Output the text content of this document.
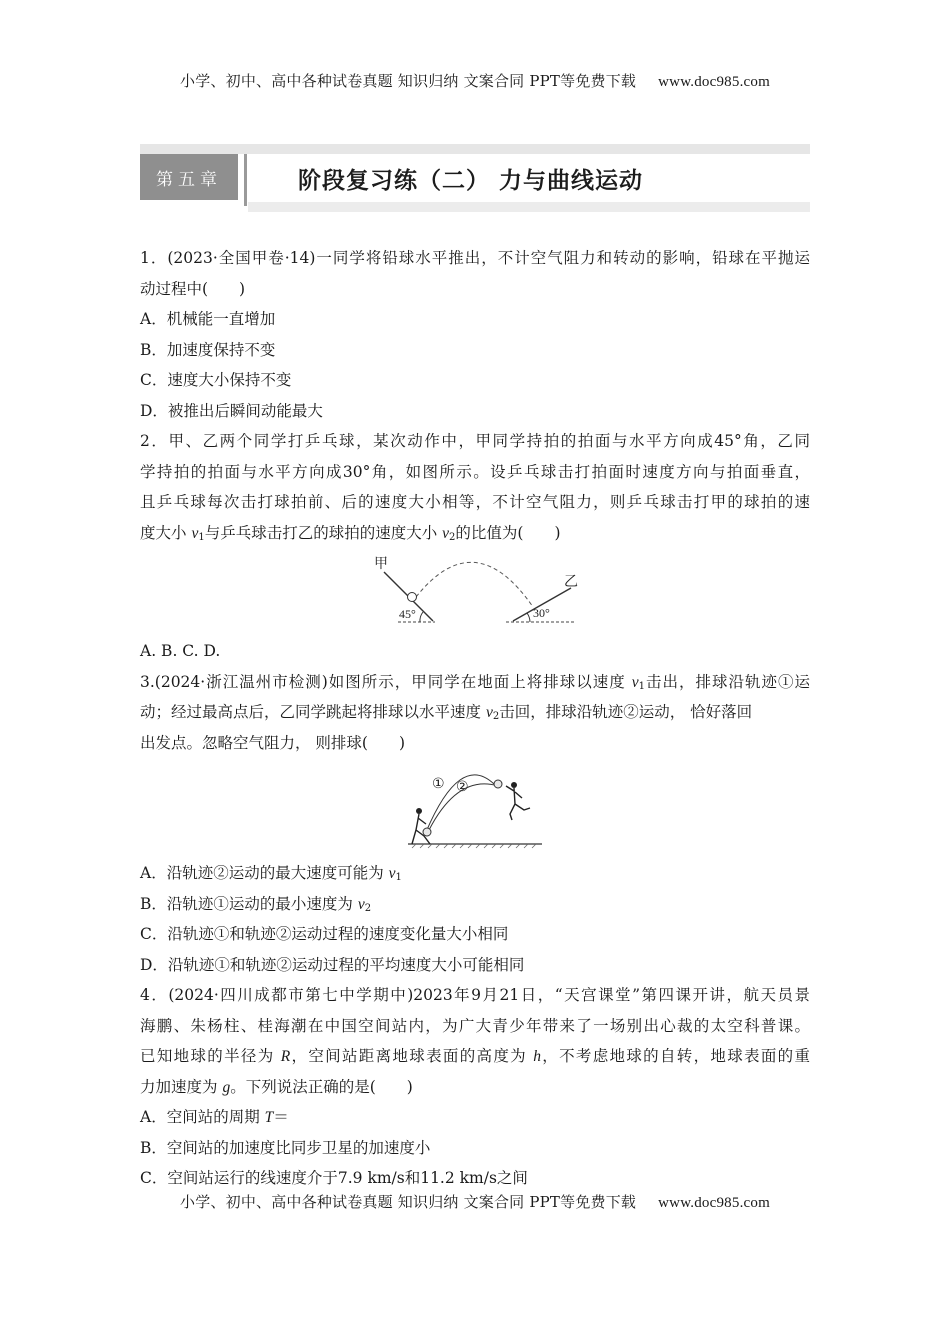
小学、初中、高中各种试卷真题 知识归纳 文案合同 PPT等免费下载 www.doc985.com
第五章	阶段复习练（二） 力与曲线运动
1．(2023·全国甲卷·14)一同学将铅球水平推出，不计空气阻力和转动的影响，铅球在平抛运
动过程中(　　)
A．机械能一直增加
B．加速度保持不变
C．速度大小保持不变
D．被推出后瞬间动能最大
2．甲、乙两个同学打乒乓球，某次动作中，甲同学持拍的拍面与水平方向成45°角，乙同
学持拍的拍面与水平方向成30°角，如图所示。设乒乓球击打拍面时速度方向与拍面垂直，
且乒乓球每次击打球拍前、后的速度大小相等，不计空气阻力，则乒乓球击打甲的球拍的速
度大小 $v_1$与乒乓球击打乙的球拍的速度大小 $v_2$的比值为(　　)
甲
乙
45°	30°
A. B. C. D.
3.(2024·浙江温州市检测)如图所示，甲同学在地面上将排球以速度 $v_1$击出，排球沿轨迹①运
动；经过最高点后，乙同学跳起将排球以水平速度 $v_2$击回，排球沿轨迹②运动， 恰好落回
出发点。忽略空气阻力， 则排球(　　)
① ②
A．沿轨迹②运动的最大速度可能为 $v_1$
B．沿轨迹①运动的最小速度为 $v_2$
C．沿轨迹①和轨迹②运动过程的速度变化量大小相同
D．沿轨迹①和轨迹②运动过程的平均速度大小可能相同
4．(2024·四川成都市第七中学期中)2023年9月21日，“天宫课堂”第四课开讲，航天员景
海鹏、朱杨柱、桂海潮在中国空间站内，为广大青少年带来了一场别出心裁的太空科普课。
已知地球的半径为 R，空间站距离地球表面的高度为 h，不考虑地球的自转，地球表面的重
力加速度为 g。下列说法正确的是(　　)
A．空间站的周期 T＝
B．空间站的加速度比同步卫星的加速度小
C．空间站运行的线速度介于7.9 km/s和11.2 km/s之间
小学、初中、高中各种试卷真题 知识归纳 文案合同 PPT等免费下载 www.doc985.com
